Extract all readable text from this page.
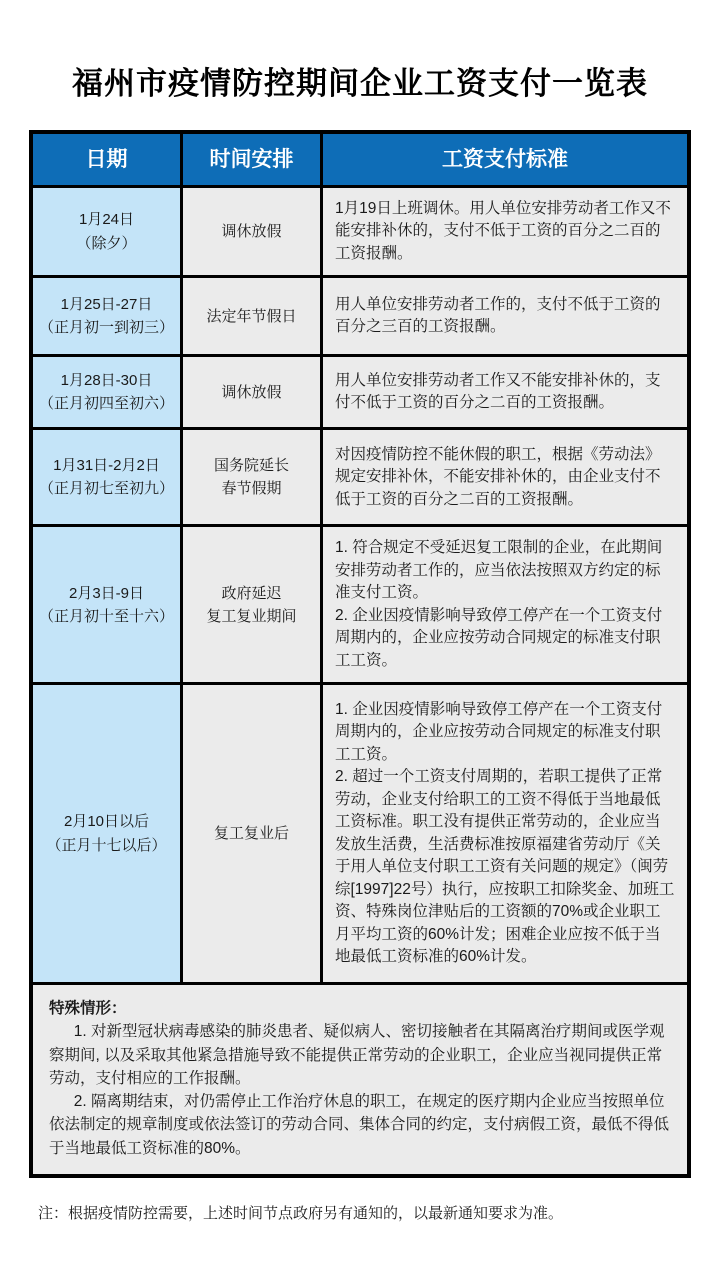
福州市疫情防控期间企业工资支付一览表
日期	时间安排	工资支付标准
1月24日
（除夕）
调休放假

1月19日上班调休。用人单位安排劳动者工作又不能安排补休的，支付不低于工资的百分之二百的工资报酬。

1月25日-27日
（正月初一到初三）
法定年节假日

用人单位安排劳动者工作的，支付不低于工资的百分之三百的工资报酬。

1月28日-30日
（正月初四至初六）
调休放假

用人单位安排劳动者工作又不能安排补休的，支付不低于工资的百分之二百的工资报酬。

1月31日-2月2日
（正月初七至初九）
国务院延长
春节假期

对因疫情防控不能休假的职工，根据《劳动法》规定安排补休，不能安排补休的，由企业支付不低于工资的百分之二百的工资报酬。

2月3日-9日
（正月初十至十六）
政府延迟
复工复业期间

1. 符合规定不受延迟复工限制的企业，在此期间安排劳动者工作的，应当依法按照双方约定的标准支付工资。

2. 企业因疫情影响导致停工停产在一个工资支付周期内的，企业应按劳动合同规定的标准支付职工工资。

2月10日以后
（正月十七以后）
复工复业后

1. 企业因疫情影响导致停工停产在一个工资支付周期内的，企业应按劳动合同规定的标准支付职工工资。

2. 超过一个工资支付周期的，若职工提供了正常劳动，企业支付给职工的工资不得低于当地最低工资标准。职工没有提供正常劳动的，企业应当发放生活费，生活费标准按原福建省劳动厅《关于用人单位支付职工工资有关问题的规定》（闽劳综[1997]22号）执行，应按职工扣除奖金、加班工资、特殊岗位津贴后的工资额的70%或企业职工月平均工资的60%计发；困难企业应按不低于当地最低工资标准的60%计发。

特殊情形：

1. 对新型冠状病毒感染的肺炎患者、疑似病人、密切接触者在其隔离治疗期间或医学观察期间, 以及采取其他紧急措施导致不能提供正常劳动的企业职工，企业应当视同提供正常劳动，支付相应的工作报酬。

2. 隔离期结束，对仍需停止工作治疗休息的职工，在规定的医疗期内企业应当按照单位依法制定的规章制度或依法签订的劳动合同、集体合同的约定，支付病假工资，最低不得低于当地最低工资标准的80%。

注：根据疫情防控需要，上述时间节点政府另有通知的，以最新通知要求为准。
